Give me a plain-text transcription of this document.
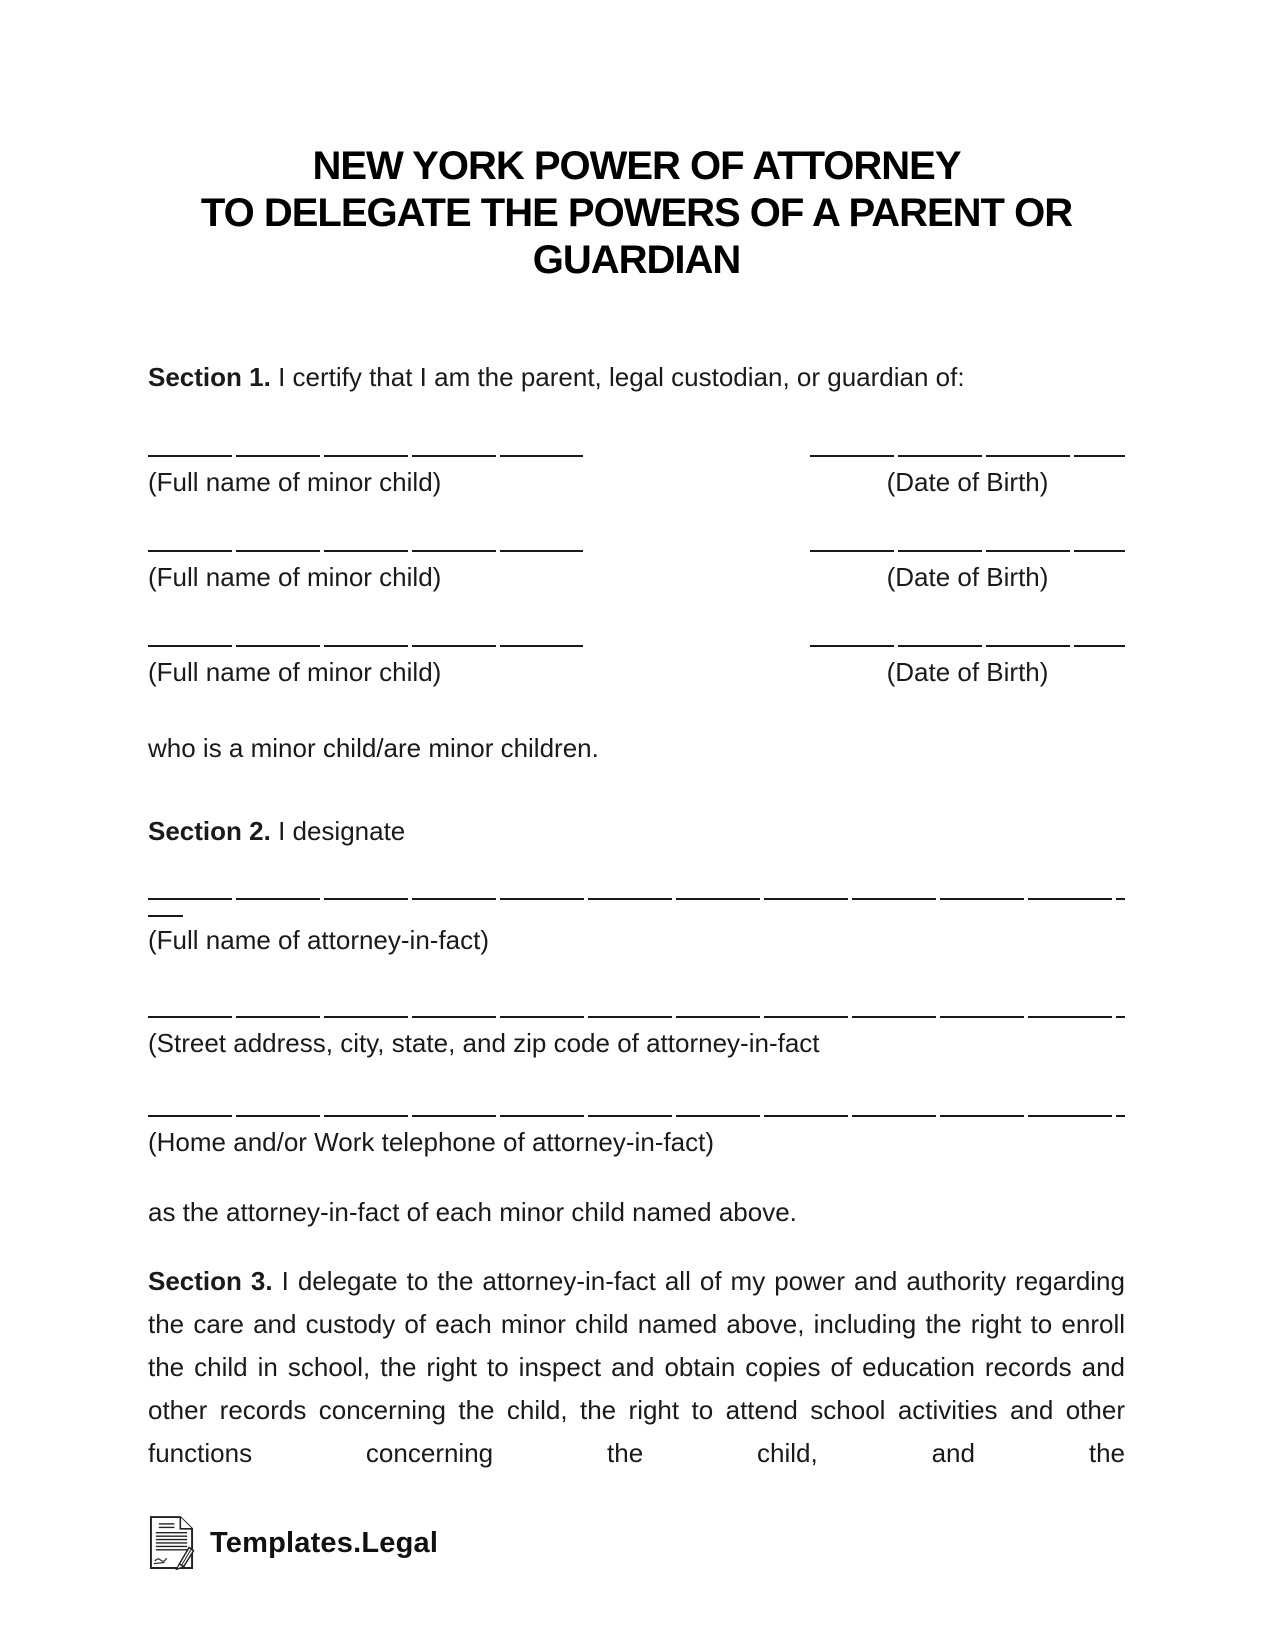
NEW YORK POWER OF ATTORNEY
TO DELEGATE THE POWERS OF A PARENT OR
GUARDIAN

Section 1. I certify that I am the parent, legal custodian, or guardian of:

(Full name of minor child)	(Date of Birth)
(Full name of minor child)	(Date of Birth)
(Full name of minor child)	(Date of Birth)

who is a minor child/are minor children.

Section 2. I designate

(Full name of attorney-in-fact)
(Street address, city, state, and zip code of attorney-in-fact
(Home and/or Work telephone of attorney-in-fact)

as the attorney-in-fact of each minor child named above.

Section 3. I delegate to the attorney-in-fact all of my power and authority regarding the care and custody of each minor child named above, including the right to enroll the child in school, the right to inspect and obtain copies of education records and other records concerning the child, the right to attend school activities and other functions concerning the child, and the

Templates.Legal
